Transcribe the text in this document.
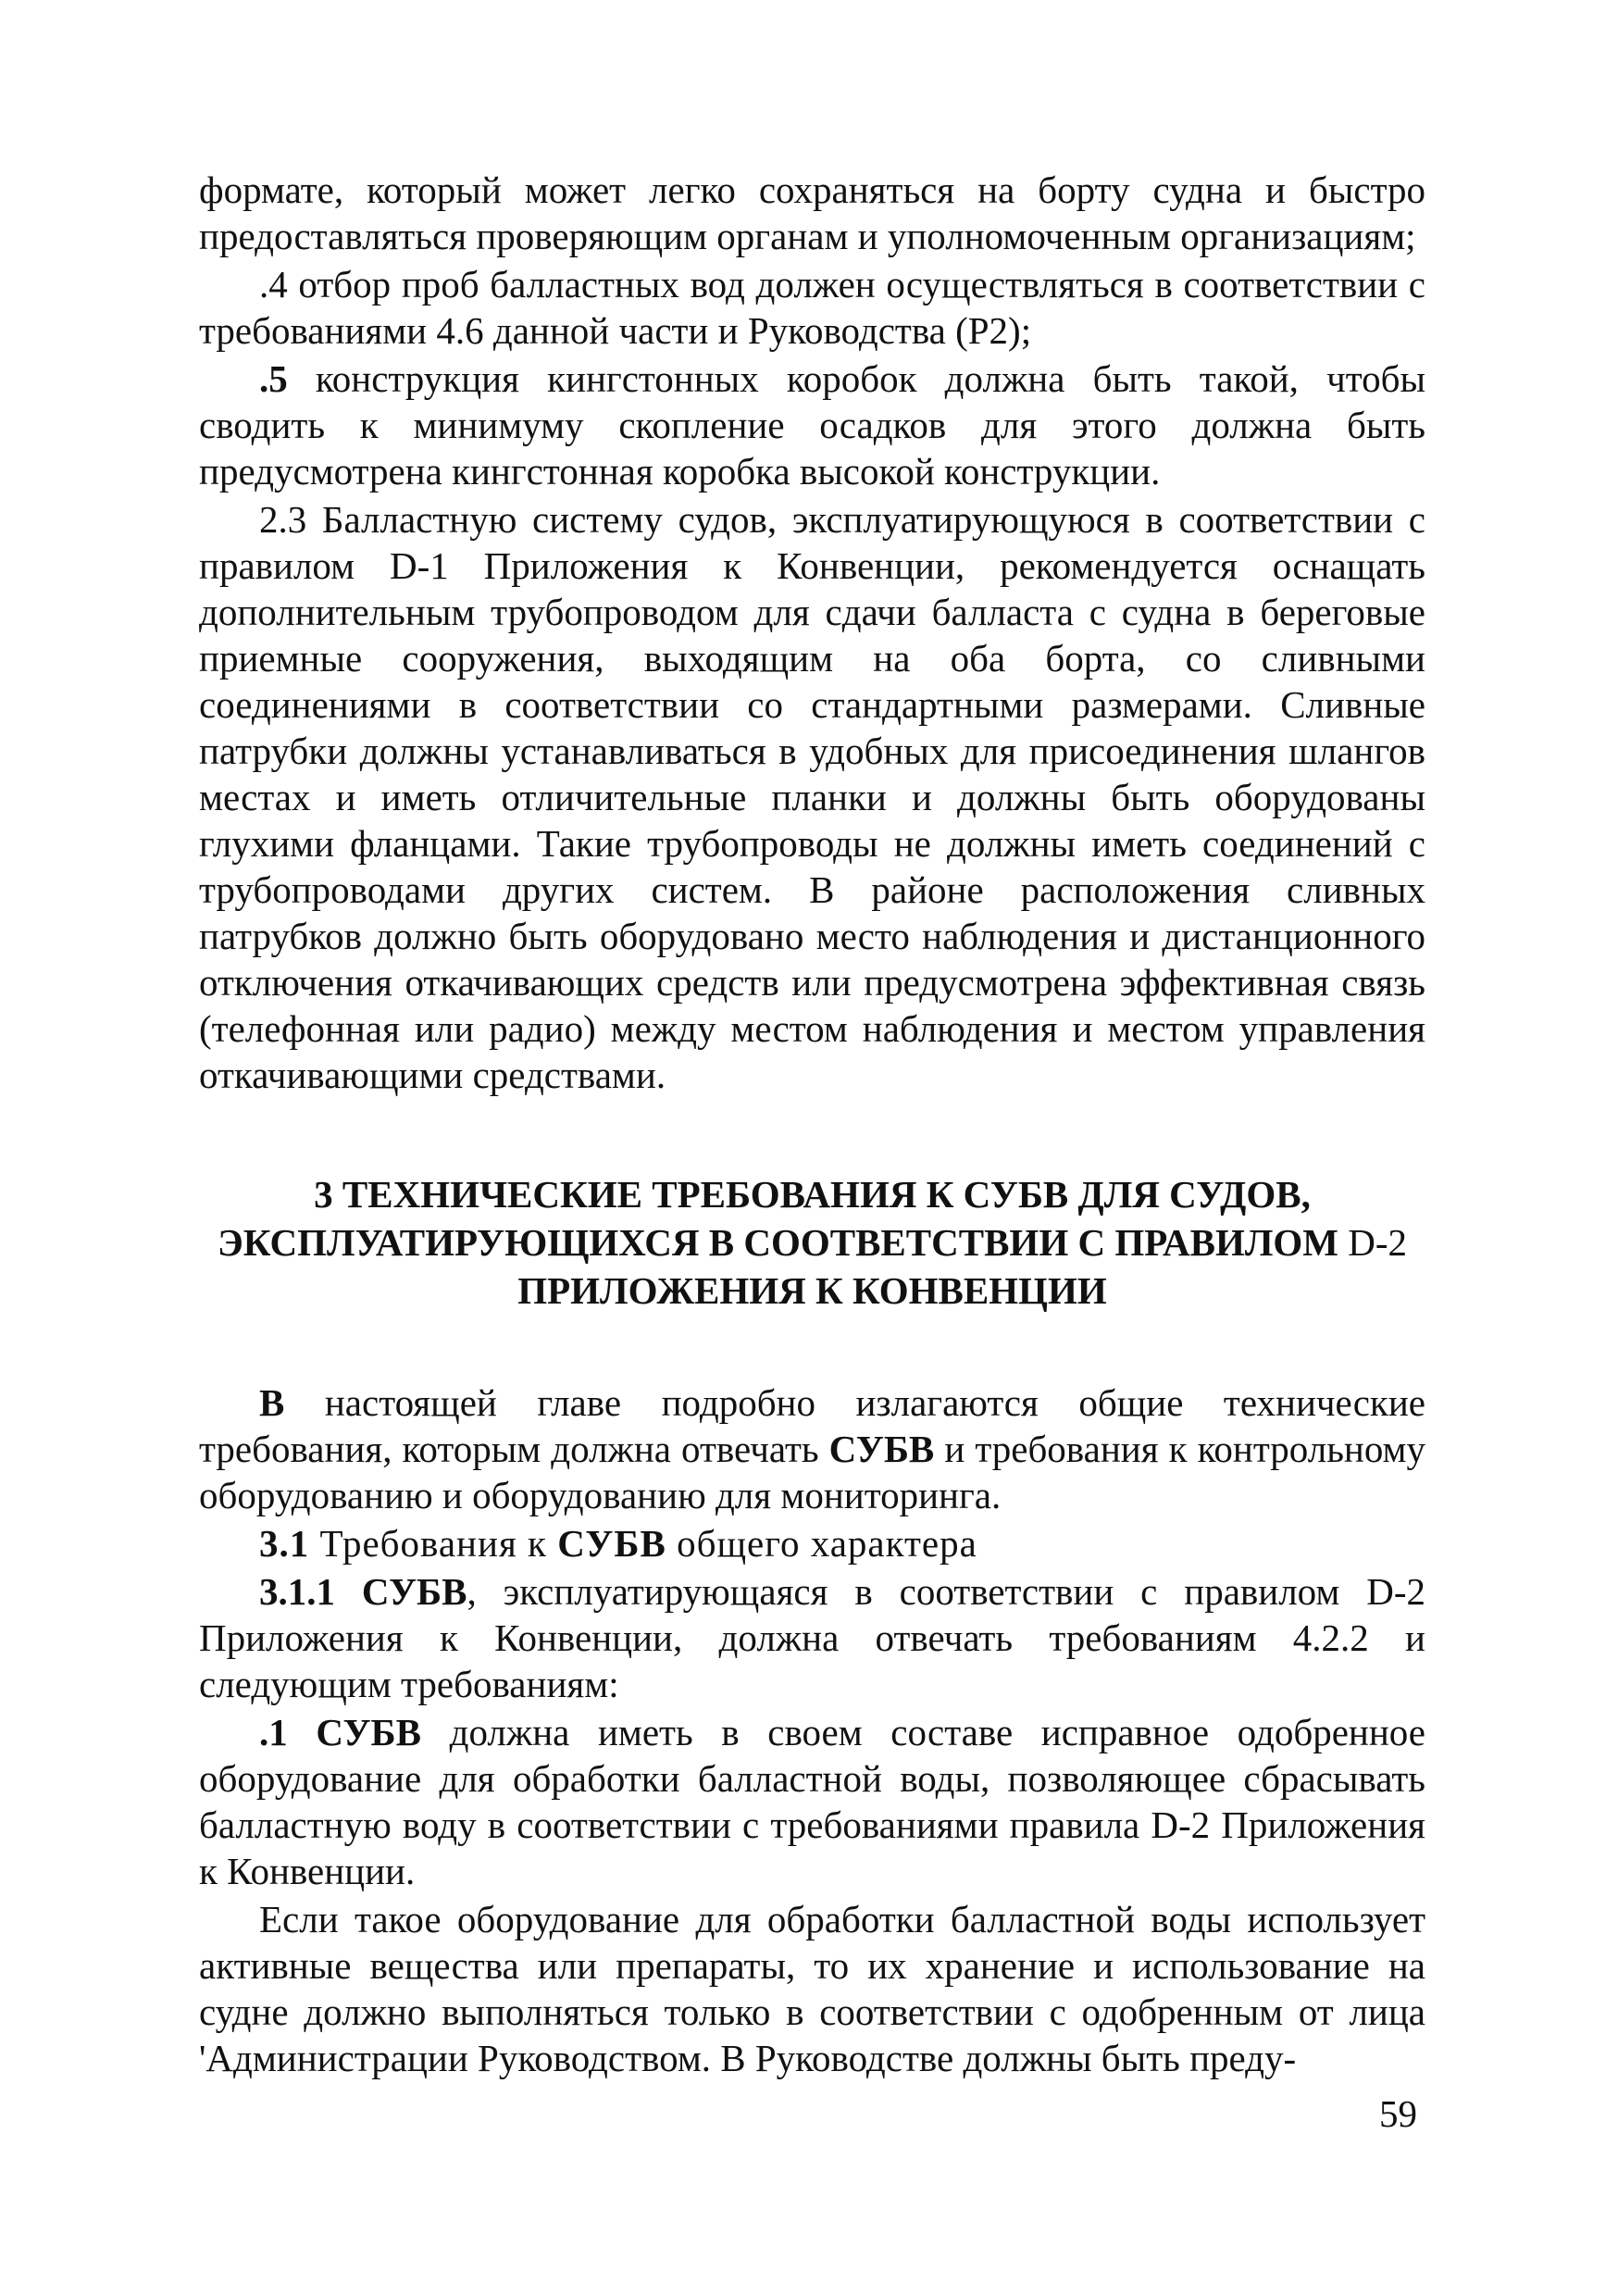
формате, который может легко сохраняться на борту судна и быстро предоставляться проверяющим органам и уполномоченным организациям;

.4 отбор проб балластных вод должен осуществляться в соответствии с требованиями 4.6 данной части и Руководства (Р2);

.5 конструкция кингстонных коробок должна быть такой, чтобы сводить к минимуму скопление осадков для этого должна быть предусмотрена кингстонная коробка высокой конструкции.

2.3 Балластную систему судов, эксплуатирующуюся в соответствии с правилом D-1 Приложения к Конвенции, рекомендуется оснащать дополнительным трубопроводом для сдачи балласта с судна в береговые приемные сооружения, выходящим на оба борта, со сливными соединениями в соответствии со стандартными размерами. Сливные патрубки должны устанавливаться в удобных для присоединения шлангов местах и иметь отличительные планки и должны быть оборудованы глухими фланцами. Такие трубопроводы не должны иметь соединений с трубопроводами других систем. В районе расположения сливных патрубков должно быть оборудовано место наблюдения и дистанционного отключения откачивающих средств или предусмотрена эффективная связь (телефонная или радио) между местом наблюдения и местом управления откачивающими средствами.

3 ТЕХНИЧЕСКИЕ ТРЕБОВАНИЯ К СУБВ ДЛЯ СУДОВ,
ЭКСПЛУАТИРУЮЩИХСЯ В СООТВЕТСТВИИ С ПРАВИЛОМ D-2
ПРИЛОЖЕНИЯ К КОНВЕНЦИИ

В настоящей главе подробно излагаются общие технические требования, которым должна отвечать СУБВ и требования к контрольному оборудованию и оборудованию для мониторинга.

3.1 Требования к СУБВ общего характера

3.1.1 СУБВ, эксплуатирующаяся в соответствии с правилом D-2 Приложения к Конвенции, должна отвечать требованиям 4.2.2 и следующим требованиям:

.1 СУБВ должна иметь в своем составе исправное одобренное оборудование для обработки балластной воды, позволяющее сбрасывать балластную воду в соответствии с требованиями правила D-2 Приложения к Конвенции.

Если такое оборудование для обработки балластной воды использует активные вещества или препараты, то их хранение и использование на судне должно выполняться только в соответствии с одобренным от лица 'Администрации Руководством. В Руководстве должны быть преду-

59
